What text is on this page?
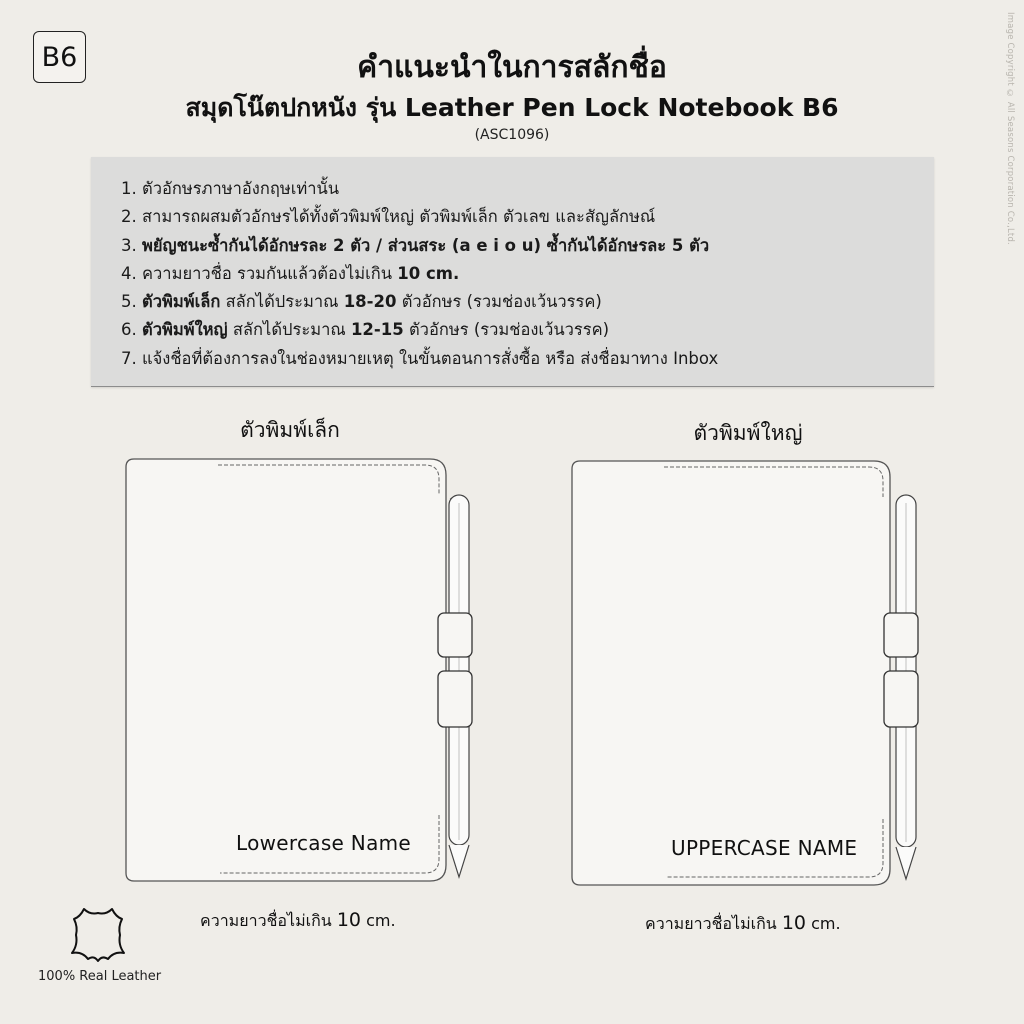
B6	Image Copyright © All Seasons Corporation Co.,Ltd.
คำแนะนำในการสลักชื่อ
สมุดโน๊ตปกหนัง รุ่น Leather Pen Lock Notebook B6
(ASC1096)
1. ตัวอักษรภาษาอังกฤษเท่านั้น
2. สามารถผสมตัวอักษรได้ทั้งตัวพิมพ์ใหญ่ ตัวพิมพ์เล็ก ตัวเลข และสัญลักษณ์
3. พยัญชนะซ้ำกันได้อักษรละ 2 ตัว / ส่วนสระ (a e i o u) ซ้ำกันได้อักษรละ 5 ตัว
4. ความยาวชื่อ รวมกันแล้วต้องไม่เกิน 10 cm.
5. ตัวพิมพ์เล็ก สลักได้ประมาณ 18-20 ตัวอักษร (รวมช่องเว้นวรรค)
6. ตัวพิมพ์ใหญ่ สลักได้ประมาณ 12-15 ตัวอักษร (รวมช่องเว้นวรรค)
7. แจ้งชื่อที่ต้องการลงในช่องหมายเหตุ ในขั้นตอนการสั่งซื้อ หรือ ส่งชื่อมาทาง Inbox
ตัวพิมพ์เล็ก
Lowercase Name
ความยาวชื่อไม่เกิน 10 cm.
ตัวพิมพ์ใหญ่
UPPERCASE NAME
ความยาวชื่อไม่เกิน 10 cm.
100% Real Leather
